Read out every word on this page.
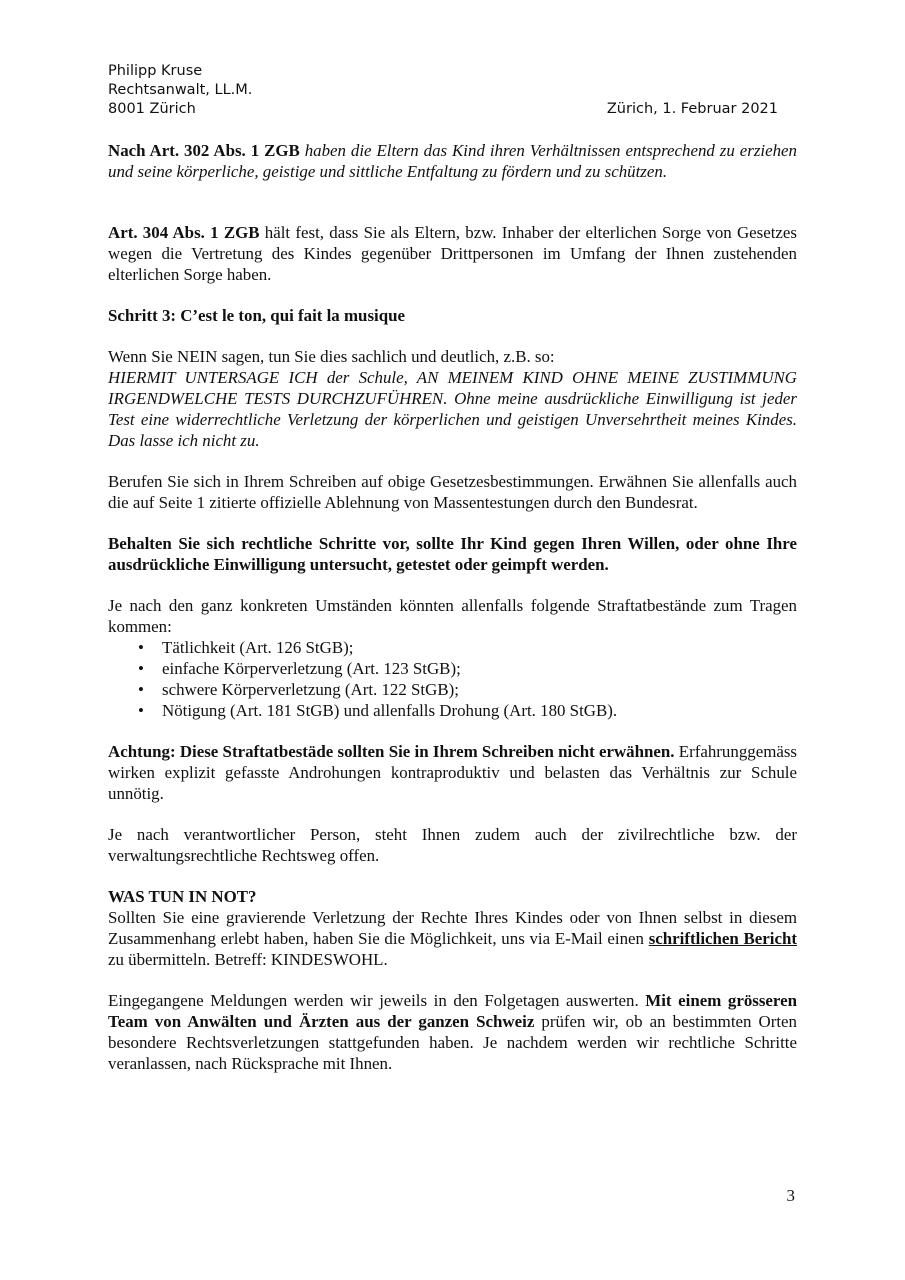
Philipp Kruse
Rechtsanwalt, LL.M.
8001 Zürich	Zürich, 1. Februar 2021

Nach Art. 302 Abs. 1 ZGB haben die Eltern das Kind ihren Verhältnissen entsprechend zu erziehen und seine körperliche, geistige und sittliche Entfaltung zu fördern und zu schützen.

Art. 304 Abs. 1 ZGB hält fest, dass Sie als Eltern, bzw. Inhaber der elterlichen Sorge von Gesetzes wegen die Vertretung des Kindes gegenüber Drittpersonen im Umfang der Ihnen zustehenden elterlichen Sorge haben.

Schritt 3: C’est le ton, qui fait la musique

Wenn Sie NEIN sagen, tun Sie dies sachlich und deutlich, z.B. so:
HIERMIT UNTERSAGE ICH der Schule, AN MEINEM KIND OHNE MEINE ZUSTIMMUNG IRGENDWELCHE TESTS DURCHZUFÜHREN. Ohne meine ausdrückliche Einwilligung ist jeder Test eine widerrechtliche Verletzung der körperlichen und geistigen Unversehrtheit meines Kindes. Das lasse ich nicht zu.

Berufen Sie sich in Ihrem Schreiben auf obige Gesetzesbestimmungen. Erwähnen Sie allenfalls auch die auf Seite 1 zitierte offizielle Ablehnung von Massentestungen durch den Bundesrat.

Behalten Sie sich rechtliche Schritte vor, sollte Ihr Kind gegen Ihren Willen, oder ohne Ihre ausdrückliche Einwilligung untersucht, getestet oder geimpft werden.

Je nach den ganz konkreten Umständen könnten allenfalls folgende Straftatbestände zum Tragen kommen:

• Tätlichkeit (Art. 126 StGB);
• einfache Körperverletzung (Art. 123 StGB);
• schwere Körperverletzung (Art. 122 StGB);
• Nötigung (Art. 181 StGB) und allenfalls Drohung (Art. 180 StGB).

Achtung: Diese Straftatbestäde sollten Sie in Ihrem Schreiben nicht erwähnen. Erfahrunggemäss wirken explizit gefasste Androhungen kontraproduktiv und belasten das Verhältnis zur Schule unnötig.

Je nach verantwortlicher Person, steht Ihnen zudem auch der zivilrechtliche bzw. der verwaltungsrechtliche Rechtsweg offen.

WAS TUN IN NOT?

Sollten Sie eine gravierende Verletzung der Rechte Ihres Kindes oder von Ihnen selbst in diesem Zusammenhang erlebt haben, haben Sie die Möglichkeit, uns via E-Mail einen schriftlichen Bericht zu übermitteln. Betreff: KINDESWOHL.

Eingegangene Meldungen werden wir jeweils in den Folgetagen auswerten. Mit einem grösseren Team von Anwälten und Ärzten aus der ganzen Schweiz prüfen wir, ob an bestimmten Orten besondere Rechtsverletzungen stattgefunden haben. Je nachdem werden wir rechtliche Schritte veranlassen, nach Rücksprache mit Ihnen.

3
